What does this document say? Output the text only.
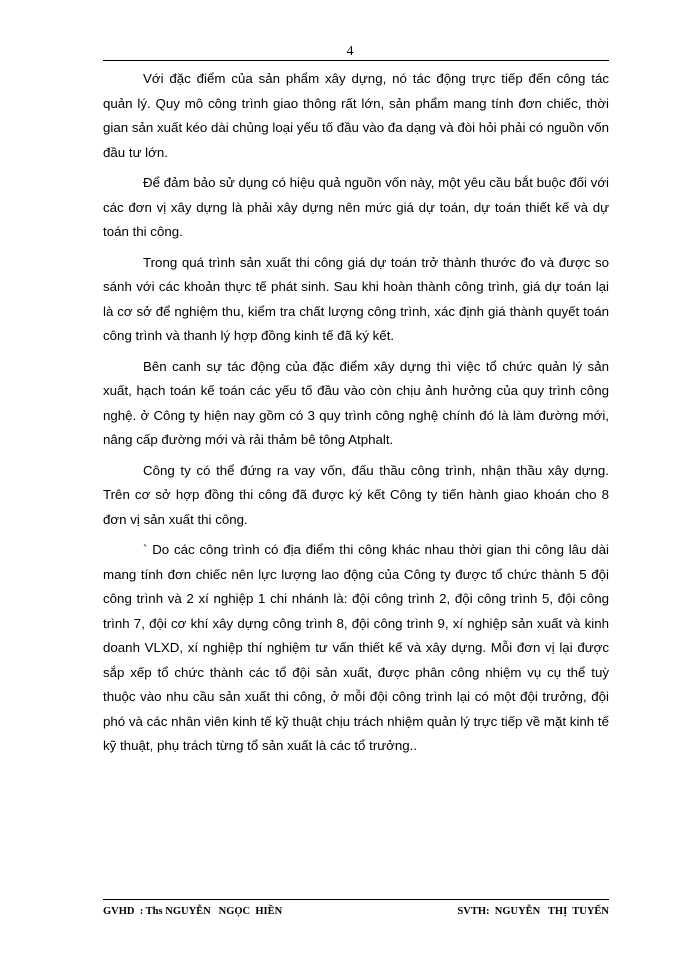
4

Với đặc điểm của sản phẩm xây dựng, nó tác động trực tiếp đến công tác quản lý. Quy mô công trình giao thông rất lớn, sản phẩm mang tính đơn chiếc, thời gian sản xuất kéo dài chủng loại yếu tố đầu vào đa dạng và đòi hỏi phải có nguồn vốn đầu tư lớn.

Để đảm bảo sử dụng có hiệu quả nguồn vốn này, một yêu cầu bắt buộc đối với các đơn vị xây dựng là phải xây dựng nên mức giá dự toán, dự toán thiết kế và dự toán thi công.

Trong quá trình sản xuất thi công giá dự toán trở thành thước đo và được so sánh với các khoản thực tế phát sinh. Sau khi hoàn thành công trình, giá dự toán lại là cơ sở để nghiệm thu, kiểm tra chất lượng công trình, xác định giá thành quyết toán công trình và thanh lý hợp đồng kinh tế đã ký kết.

Bên canh sự tác động của đặc điểm xây dựng thì việc tổ chức quản lý sản xuất, hạch toán kế toán các yếu tố đầu vào còn chịu ảnh hưởng của quy trình công nghệ. ở Công ty hiện nay gồm có 3 quy trình công nghệ chính đó là làm đường mới, nâng cấp đường mới và rải thảm bê tông Atphalt.

Công ty có thể đứng ra vay vốn, đấu thầu công trình, nhận thầu xây dựng. Trên cơ sở hợp đồng thi công đã được ký kết Công ty tiến hành giao khoán cho 8 đơn vị sản xuất thi công.

` Do các công trình có địa điểm thi công khác nhau thời gian thi công lâu dài mang tính đơn chiếc nên lực lượng lao động của Công ty được tổ chức thành 5 đội công trình và 2 xí nghiệp 1 chi nhánh là: đội công trình 2, đội công trình 5, đội công trình 7, đội cơ khí xây dựng công trình 8, đội công trình 9, xí nghiệp sản xuất và kinh doanh VLXD, xí nghiệp thí nghiệm tư vấn thiết kế và xây dựng. Mỗi đơn vị lại được sắp xếp tổ chức thành các tổ đội sản xuất, được phân công nhiệm vụ cụ thể tuỳ thuộc vào nhu cầu sản xuất thi công, ở mỗi đội công trình lại có một đội trưởng, đội phó và các nhân viên kinh tế kỹ thuật chịu trách nhiệm quản lý trực tiếp về mặt kinh tế kỹ thuật, phụ trách từng tổ sản xuất là các tổ trưởng..

GVHD  : Ths NGUYỄN   NGỌC  HIỀN	SVTH:  NGUYỄN   THỊ  TUYẾN
